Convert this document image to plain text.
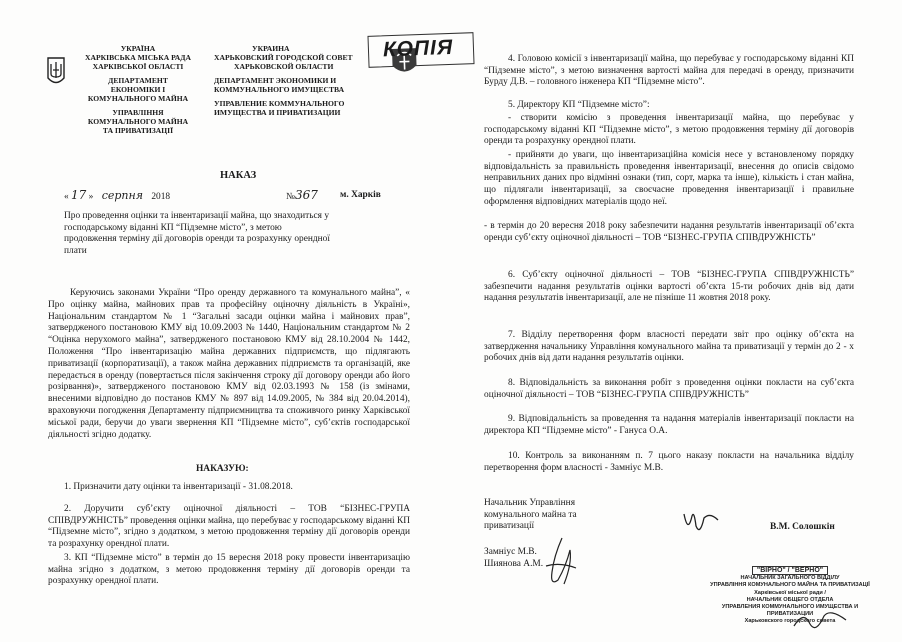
УКРАЇНА
ХАРКІВСЬКА МІСЬКА РАДА
ХАРКІВСЬКОЇ ОБЛАСТІ
ДЕПАРТАМЕНТ
ЕКОНОМІКИ І
КОМУНАЛЬНОГО МАЙНА
УПРАВЛІННЯ
КОМУНАЛЬНОГО МАЙНА
ТА ПРИВАТИЗАЦІЇ
УКРАИНА
ХАРЬКОВСКИЙ ГОРОДСКОЙ СОВЕТ
ХАРЬКОВСКОЙ ОБЛАСТИ
ДЕПАРТАМЕНТ ЭКОНОМИКИ И
КОММУНАЛЬНОГО ИМУЩЕСТВА
УПРАВЛЕНИЕ КОММУНАЛЬНОГО
ИМУЩЕСТВА И ПРИВАТИЗАЦИИ
КОПІЯ
НАКАЗ
« 17 » серпня 2018	№367 м. Харків
Про проведення оцінки та інвентаризації майна, що знаходиться у господарському віданні КП “Підземне місто”, з метою продовження терміну дії договорів оренди та розрахунку орендної плати
Керуючись законами України “Про оренду державного та комунального майна”, « Про оцінку майна, майнових прав та професійну оціночну діяльність в Україні», Національним стандартом № 1 “Загальні засади оцінки майна і майнових прав”, затвердженого постановою КМУ від 10.09.2003 № 1440, Національним стандартом № 2 “Оцінка нерухомого майна”, затвердженого постановою КМУ від 28.10.2004 № 1442, Положення “Про інвентаризацію майна державних підприємств, що підлягають приватизації (корпоратизації), а також майна державних підприємств та організацій, яке передається в оренду (повертається після закінчення строку дії договору оренди або його розірвання)», затвердженого постановою КМУ від 02.03.1993 № 158 (із змінами, внесеними відповідно до постанов КМУ № 897 від 14.09.2005, № 384 від 20.04.2014), враховуючи погодження Департаменту підприємництва та споживчого ринку Харківської міської ради, беручи до уваги звернення КП “Підземне місто”, суб’єктів господарської діяльності згідно додатку.
НАКАЗУЮ:
1. Призначити дату оцінки та інвентаризації - 31.08.2018.
2. Доручити суб’єкту оціночної діяльності – ТОВ “БІЗНЕС-ГРУПА СПІВДРУЖНІСТЬ” проведення оцінки майна, що перебуває у господарському віданні КП “Підземне місто”, згідно з додатком, з метою продовження терміну дії договорів оренди та розрахунку орендної плати.
3. КП “Підземне місто” в термін до 15 вересня 2018 року провести інвентаризацію майна згідно з додатком, з метою продовження терміну дії договорів оренди та розрахунку орендної плати.
4. Головою комісії з інвентаризації майна, що перебуває у господарському віданні КП “Підземне місто”, з метою визначення вартості майна для передачі в оренду, призначити Бурду Д.В. – головного інженера КП “Підземне місто”.
5. Директору КП “Підземне місто”:
- створити комісію з проведення інвентаризації майна, що перебуває у господарському віданні КП “Підземне місто”, з метою продовження терміну дії договорів оренди та розрахунку орендної плати.
- прийняти до уваги, що інвентаризаційна комісія несе у встановленому порядку відповідальність за правильність проведення інвентаризації, внесення до описів свідомо неправильних даних про відмінні ознаки (тип, сорт, марка та інше), кількість і стан майна, що підлягали інвентаризації, за своєчасне проведення інвентаризації і правильне оформлення відповідних матеріалів щодо неї.
- в термін до 20 вересня 2018 року забезпечити надання результатів інвентаризації об’єкта оренди суб’єкту оціночної діяльності – ТОВ “БІЗНЕС-ГРУПА СПІВДРУЖНІСТЬ”
6. Суб’єкту оціночної діяльності – ТОВ “БІЗНЕС-ГРУПА СПІВДРУЖНІСТЬ” забезпечити надання результатів оцінки вартості об’єкта 15-ти робочих днів від дати надання результатів інвентаризації, але не пізніше 11 жовтня 2018 року.
7. Відділу перетворення форм власності передати звіт про оцінку об’єкта на затвердження начальнику Управління комунального майна та приватизації у термін до 2 - х робочих днів від дати надання результатів оцінки.
8. Відповідальність за виконання робіт з проведення оцінки покласти на суб’єкта оціночної діяльності – ТОВ “БІЗНЕС-ГРУПА СПІВДРУЖНІСТЬ”
9. Відповідальність за проведення та надання матеріалів інвентаризації покласти на директора КП “Підземне місто” - Гануса О.А.
10. Контроль за виконанням п. 7 цього наказу покласти на начальника відділу перетворення форм власності - Замніус М.В.
Начальник Управління комунального майна та приватизації	В.М. Солошкін
Замніус М.В.
Шиянова А.М.
"ВІРНО" / "ВЕРНО"
НАЧАЛЬНИК ЗАГАЛЬНОГО ВІДДІЛУ
УПРАВЛІННЯ КОМУНАЛЬНОГО МАЙНА ТА ПРИВАТИЗАЦІЇ
Харківської міської ради /
НАЧАЛЬНИК ОБЩЕГО ОТДЕЛА
УПРАВЛЕНИЯ КОММУНАЛЬНОГО ИМУЩЕСТВА И ПРИВАТИЗАЦИИ
Харьковского городского совета
